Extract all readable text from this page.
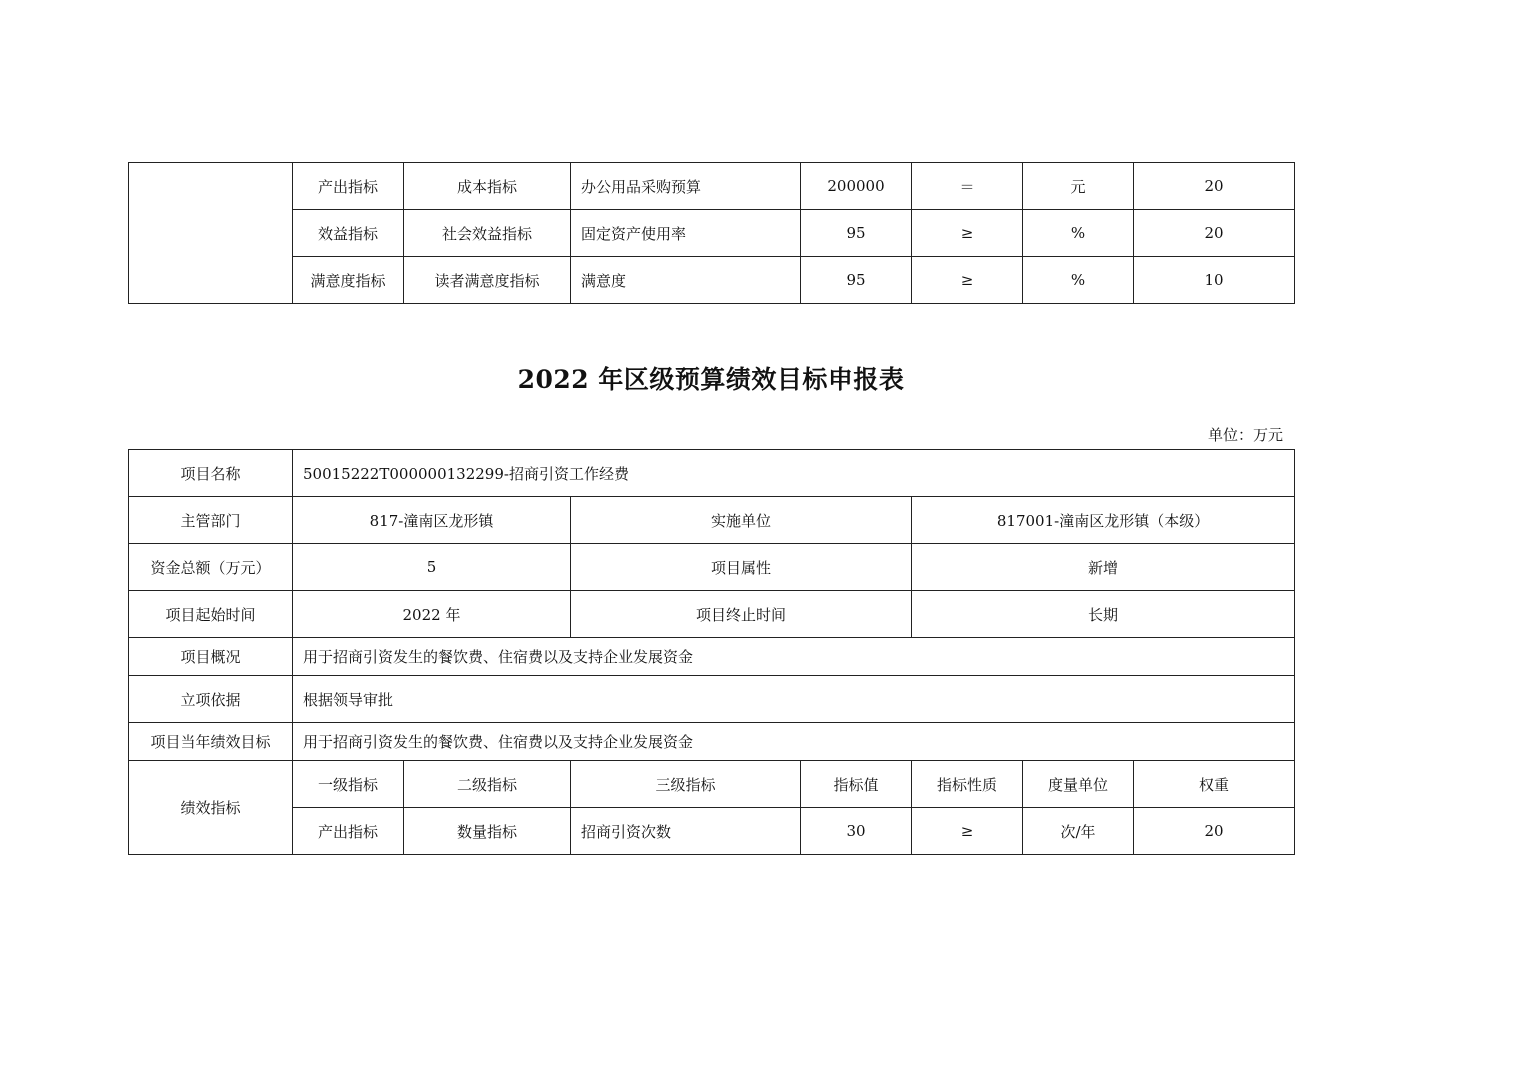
	产出指标	成本指标	办公用品采购预算	200000	＝	元	20
	效益指标	社会效益指标	固定资产使用率	95	≥	%	20
	满意度指标	读者满意度指标	满意度	95	≥	%	10
2022 年区级预算绩效目标申报表
单位：万元
项目名称	50015222T000000132299-招商引资工作经费						
主管部门	817-潼南区龙形镇		实施单位		817001-潼南区龙形镇（本级）		
资金总额（万元）	5		项目属性		新增		
项目起始时间	2022 年		项目终止时间		长期		
项目概况	用于招商引资发生的餐饮费、住宿费以及支持企业发展资金						
立项依据	根据领导审批						
项目当年绩效目标	用于招商引资发生的餐饮费、住宿费以及支持企业发展资金						
绩效指标	一级指标	二级指标	三级指标	指标值	指标性质	度量单位	权重
	产出指标	数量指标	招商引资次数	30	≥	次/年	20
